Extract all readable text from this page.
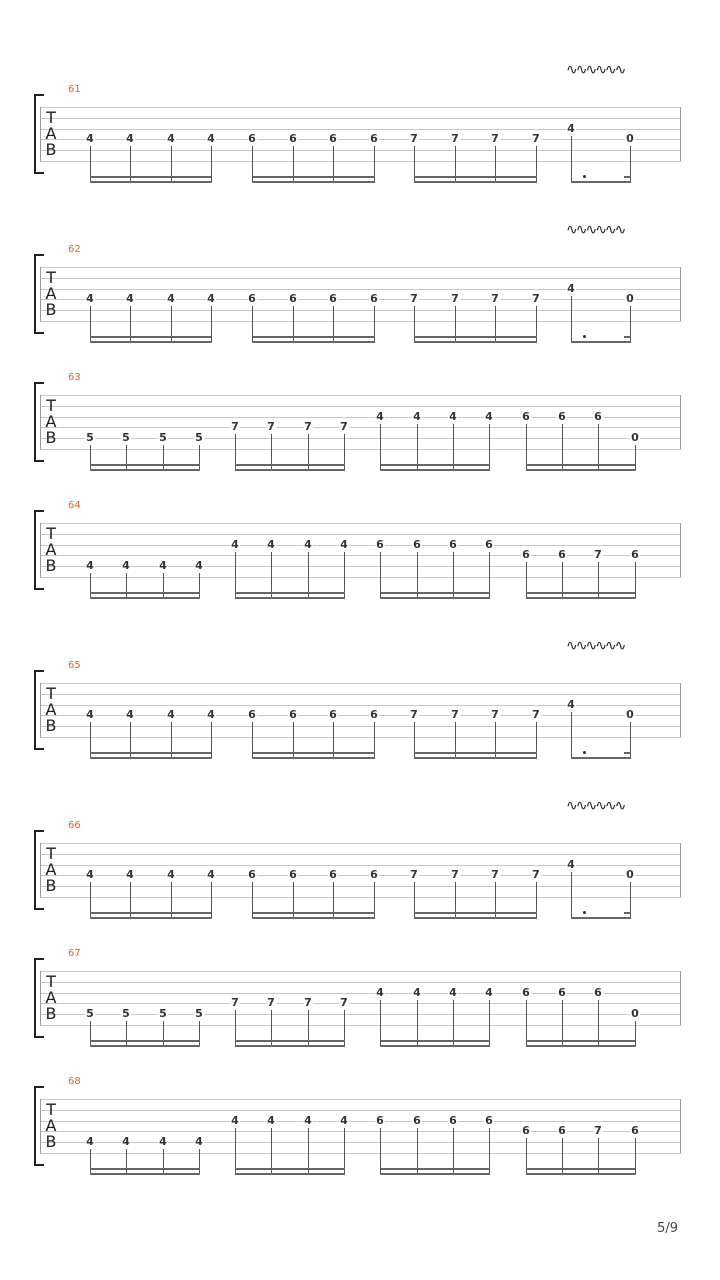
61
T
A
B
4	4	4	4	6	6	6	6	7	7	7	7
4
0
∿∿∿∿∿∿
62
T
A
B
4	4	4	4	6	6	6	6	7	7	7	7
4
0
∿∿∿∿∿∿
63
T
A
B	5	5	5	5
7	7	7	7
4	4	4	4	6	6	6
0
64
T
A
B	4	4	4	4
4	4	4	4	6	6	6	6
6	6	7	6
65
T
A
B
4	4	4	4	6	6	6	6	7	7	7	7
4
0
∿∿∿∿∿∿
66
T
A
B
4	4	4	4	6	6	6	6	7	7	7	7
4
0
∿∿∿∿∿∿
67
T
A
B	5	5	5	5
7	7	7	7
4	4	4	4	6	6	6
0
68
T
A
B	4	4	4	4
4	4	4	4	6	6	6	6
6	6	7	6
5/9
